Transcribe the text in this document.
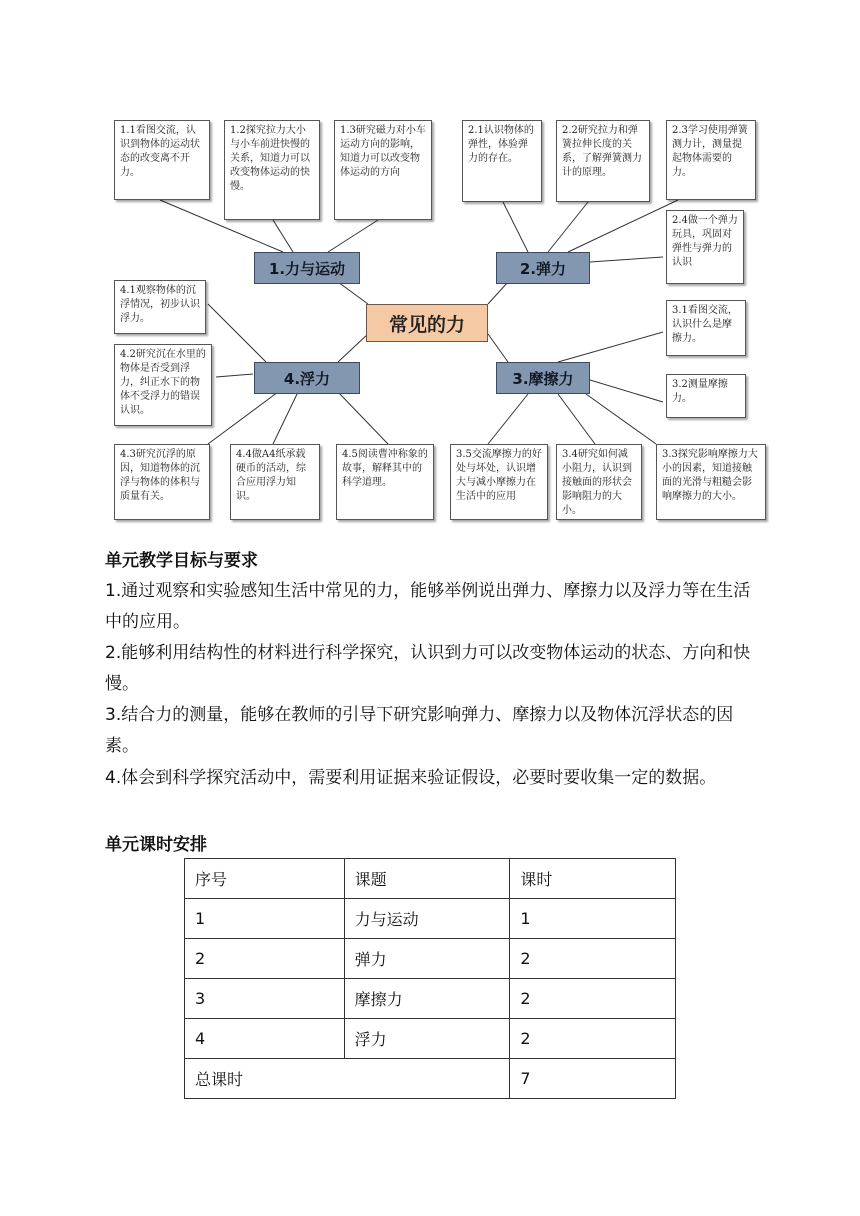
常见的力
1.力与运动	2.弹力
3.摩擦力
4.浮力
1.1看图交流，认识到物体的运动状态的改变离不开力。
1.2探究拉力大小与小车前进快慢的关系，知道力可以改变物体运动的快慢。
1.3研究磁力对小车运动方向的影响，知道力可以改变物体运动的方向
2.1认识物体的弹性，体验弹力的存在。
2.2研究拉力和弹簧拉伸长度的关系，了解弹簧测力计的原理。
2.3学习使用弹簧测力计，测量提起物体需要的力。
2.4做一个弹力玩具，巩固对弹性与弹力的认识
3.1看图交流，认识什么是摩擦力。
3.2测量摩擦力。
3.3探究影响摩擦力大小的因素，知道接触面的光滑与粗糙会影响摩擦力的大小。
3.4研究如何减小阻力，认识到接触面的形状会影响阻力的大小。
3.5交流摩擦力的好处与坏处，认识增大与减小摩擦力在生活中的应用
4.1观察物体的沉浮情况，初步认识浮力。
4.2研究沉在水里的物体是否受到浮力，纠正水下的物体不受浮力的错误认识。
4.3研究沉浮的原因，知道物体的沉浮与物体的体积与质量有关。
4.4做A4纸承载硬币的活动，综合应用浮力知识。
4.5阅读曹冲称象的故事，解释其中的科学道理。
单元教学目标与要求
1.通过观察和实验感知生活中常见的力，能够举例说出弹力、摩擦力以及浮力等在生活中的应用。
2.能够利用结构性的材料进行科学探究，认识到力可以改变物体运动的状态、方向和快慢。
3.结合力的测量，能够在教师的引导下研究影响弹力、摩擦力以及物体沉浮状态的因素。
4.体会到科学探究活动中，需要利用证据来验证假设，必要时要收集一定的数据。
单元课时安排
序号	课题	课时
1	力与运动	1
2	弹力	2
3	摩擦力	2
4	浮力	2
总课时		7
